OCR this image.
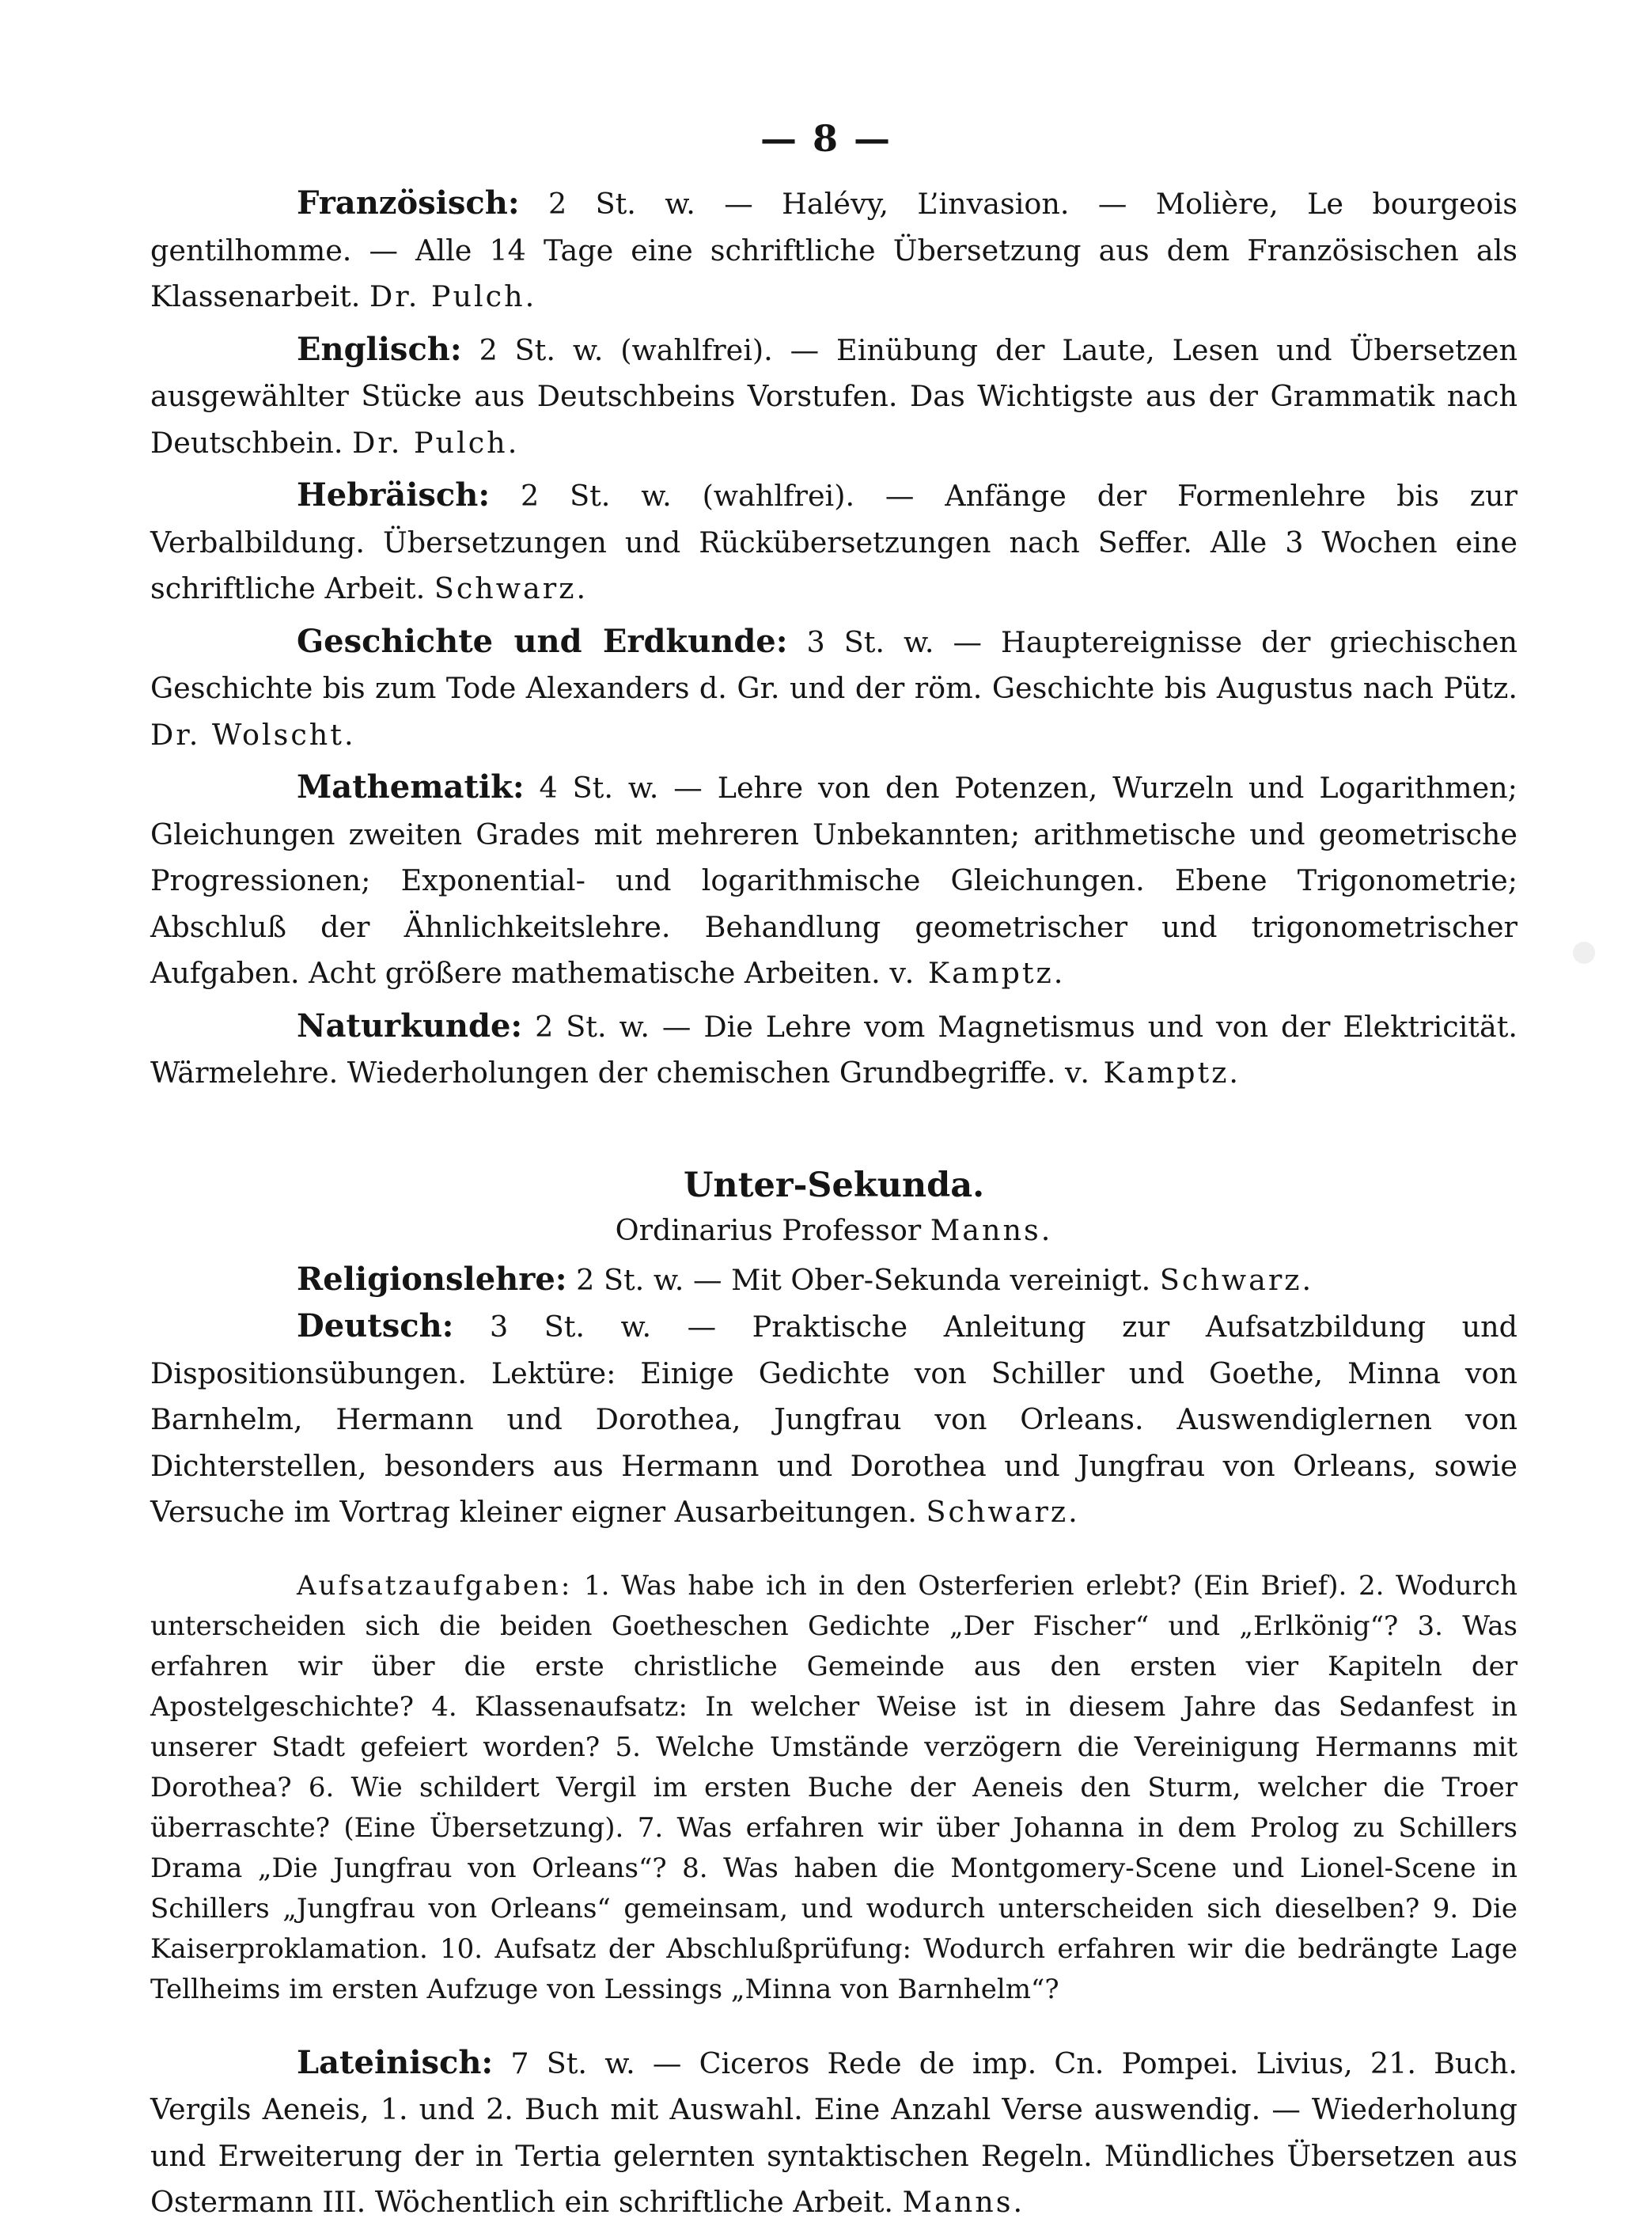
— 8 —

Französisch: 2 St. w. — Halévy, L’invasion. — Molière, Le bourgeois gentilhomme. — Alle 14 Tage eine schriftliche Übersetzung aus dem Französischen als Klassenarbeit. Dr. Pulch.

Englisch: 2 St. w. (wahlfrei). — Einübung der Laute, Lesen und Übersetzen ausgewählter Stücke aus Deutschbeins Vorstufen. Das Wichtigste aus der Grammatik nach Deutschbein. Dr. Pulch.

Hebräisch: 2 St. w. (wahlfrei). — Anfänge der Formenlehre bis zur Verbalbildung. Übersetzungen und Rückübersetzungen nach Seffer. Alle 3 Wochen eine schriftliche Arbeit. Schwarz.

Geschichte und Erdkunde: 3 St. w. — Hauptereignisse der griechischen Geschichte bis zum Tode Alexanders d. Gr. und der röm. Geschichte bis Augustus nach Pütz. Dr. Wolscht.

Mathematik: 4 St. w. — Lehre von den Potenzen, Wurzeln und Logarithmen; Gleichungen zweiten Grades mit mehreren Unbekannten; arithmetische und geometrische Progressionen; Exponential- und logarithmische Gleichungen. Ebene Trigonometrie; Abschluß der Ähnlichkeitslehre. Behandlung geometrischer und trigonometrischer Aufgaben. Acht größere mathematische Arbeiten. v. Kamptz.

Naturkunde: 2 St. w. — Die Lehre vom Magnetismus und von der Elektricität. Wärmelehre. Wiederholungen der chemischen Grundbegriffe. v. Kamptz.

Unter-Sekunda.
Ordinarius Professor Manns.

Religionslehre: 2 St. w. — Mit Ober-Sekunda vereinigt. Schwarz.

Deutsch: 3 St. w. — Praktische Anleitung zur Aufsatzbildung und Dispositionsübungen. Lektüre: Einige Gedichte von Schiller und Goethe, Minna von Barnhelm, Hermann und Dorothea, Jungfrau von Orleans. Auswendiglernen von Dichterstellen, besonders aus Hermann und Dorothea und Jungfrau von Orleans, sowie Versuche im Vortrag kleiner eigner Ausarbeitungen. Schwarz.

Aufsatzaufgaben: 1. Was habe ich in den Osterferien erlebt? (Ein Brief). 2. Wodurch unterscheiden sich die beiden Goetheschen Gedichte „Der Fischer“ und „Erlkönig“? 3. Was erfahren wir über die erste christliche Gemeinde aus den ersten vier Kapiteln der Apostelgeschichte? 4. Klassenaufsatz: In welcher Weise ist in diesem Jahre das Sedanfest in unserer Stadt gefeiert worden? 5. Welche Umstände verzögern die Vereinigung Hermanns mit Dorothea? 6. Wie schildert Vergil im ersten Buche der Aeneis den Sturm, welcher die Troer überraschte? (Eine Übersetzung). 7. Was erfahren wir über Johanna in dem Prolog zu Schillers Drama „Die Jungfrau von Orleans“? 8. Was haben die Montgomery-Scene und Lionel-Scene in Schillers „Jungfrau von Orleans“ gemeinsam, und wodurch unterscheiden sich dieselben? 9. Die Kaiserproklamation. 10. Aufsatz der Abschlußprüfung: Wodurch erfahren wir die bedrängte Lage Tellheims im ersten Aufzuge von Lessings „Minna von Barnhelm“?

Lateinisch: 7 St. w. — Ciceros Rede de imp. Cn. Pompei. Livius, 21. Buch. Vergils Aeneis, 1. und 2. Buch mit Auswahl. Eine Anzahl Verse auswendig. — Wiederholung und Erweiterung der in Tertia gelernten syntaktischen Regeln. Mündliches Übersetzen aus Ostermann III. Wöchentlich ein schriftliche Arbeit. Manns.
